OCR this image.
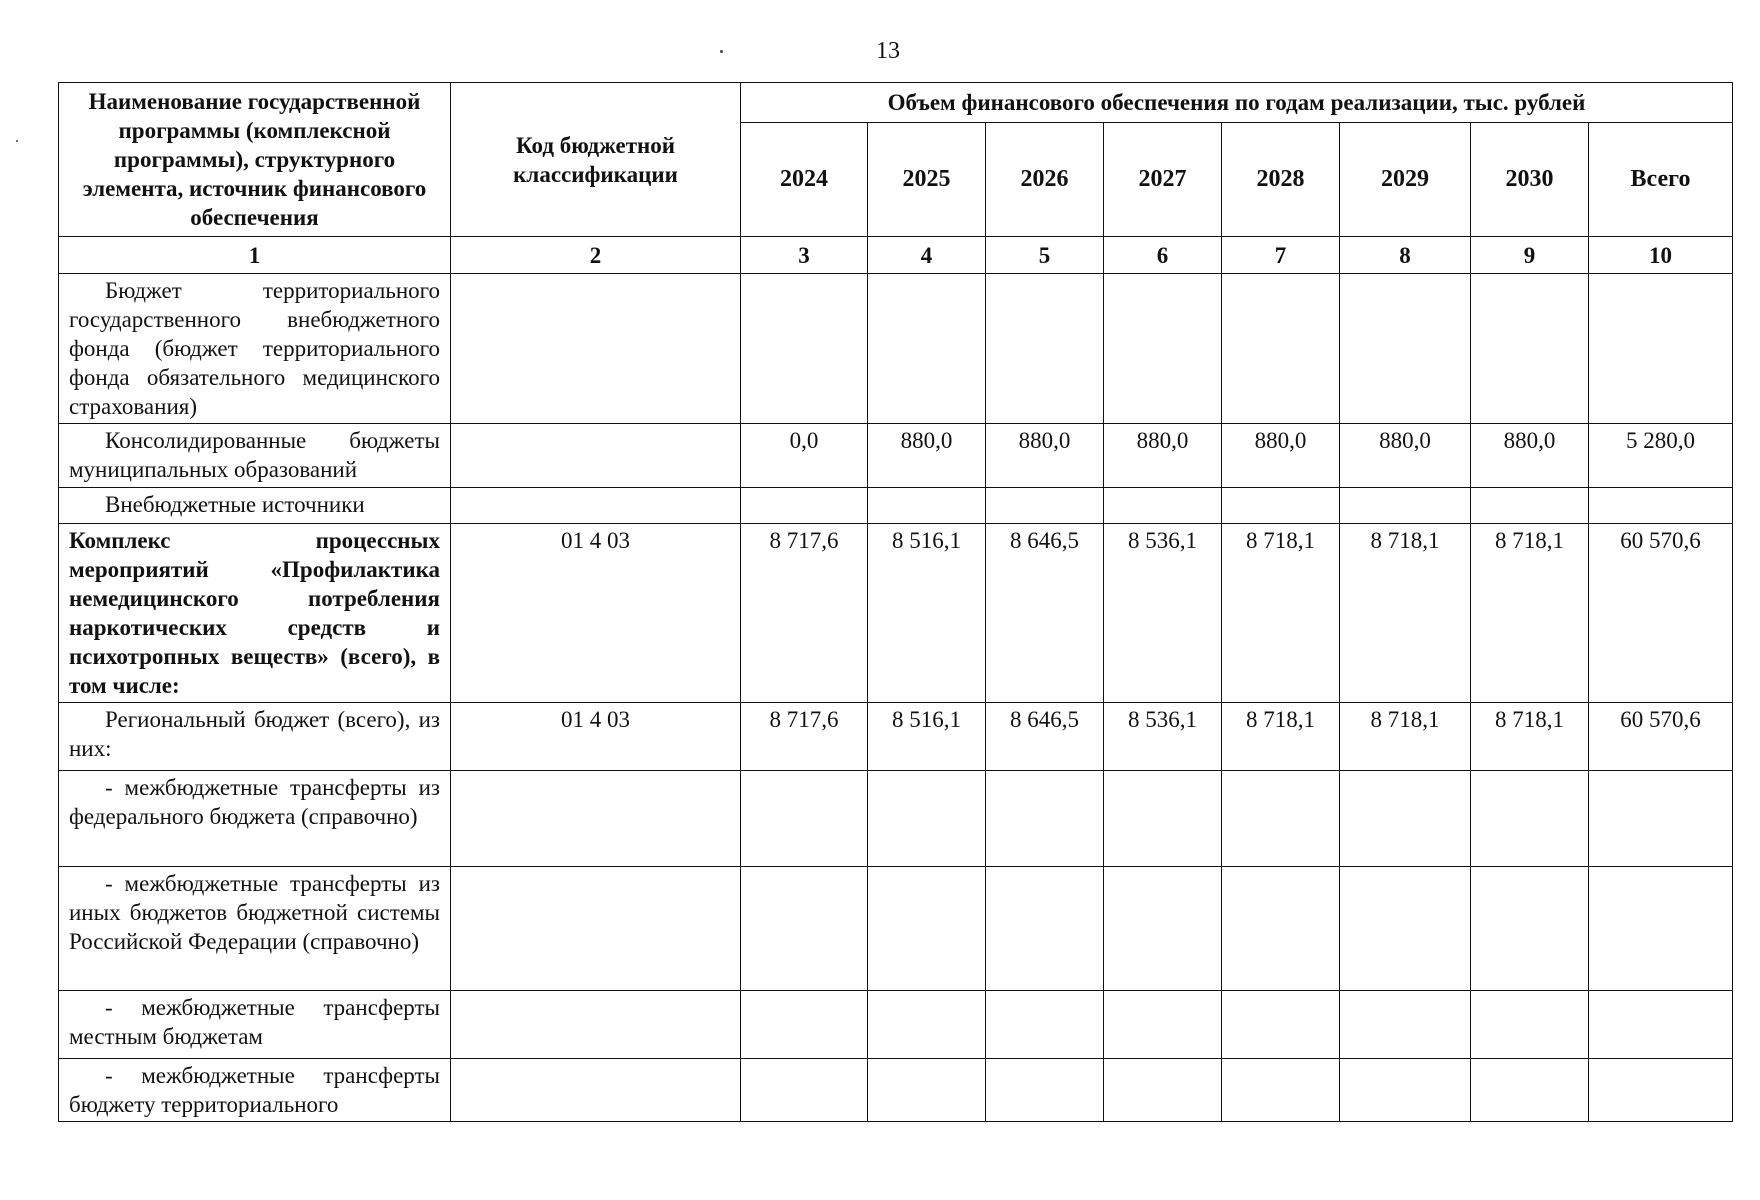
13
Наименование государственной программы (комплексной программы), структурного элемента, источник финансового обеспечения	Код бюджетной классификации	Объем финансового обеспечения по годам реализации, тыс. рублей							
		2024	2025	2026	2027	2028	2029	2030	Всего
1	2	3	4	5	6	7	8	9	10
Бюджет территориального государственного внебюджетного фонда (бюджет территориального фонда обязательного медицинского страхования)									
Консолидированные бюджеты муниципальных образований		0,0	880,0	880,0	880,0	880,0	880,0	880,0	5 280,0
Внебюджетные источники									
Комплекс процессных мероприятий «Профилактика немедицинского потребления наркотических средств и психотропных веществ» (всего), в том числе:	01 4 03	8 717,6	8 516,1	8 646,5	8 536,1	8 718,1	8 718,1	8 718,1	60 570,6
Региональный бюджет (всего), из них:	01 4 03	8 717,6	8 516,1	8 646,5	8 536,1	8 718,1	8 718,1	8 718,1	60 570,6
- межбюджетные трансферты из федерального бюджета (справочно)									
- межбюджетные трансферты из иных бюджетов бюджетной системы Российской Федерации (справочно)									
- межбюджетные трансферты местным бюджетам									
- межбюджетные трансферты бюджету территориального									
